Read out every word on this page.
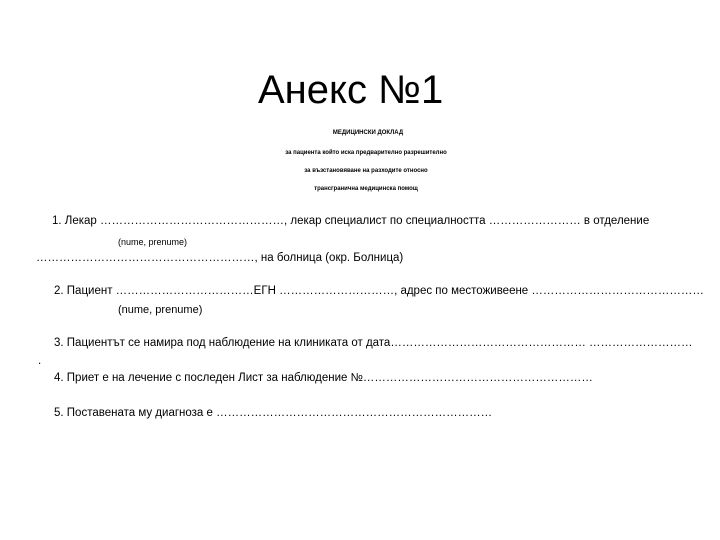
Анекс №1
МЕДИЦИНСКИ ДОКЛАД
за пациента който иска предварително разрешително
за възстановяване на разходите относно
трансгранична медицинска помощ
1. Лекар …………………………………………, лекар специалист по специалността …………………… в отделение
(nume, prenume)
…………………………………………………, на болница (окр. Болница)
2. Пациент ………………………………ЕГН …………………………, адрес по местоживеене ………………………………………
(nume, prenume)
3. Пациентът се намира под наблюдение на клиниката от дата…………………………………………… ………………………
.
4. Приет е на лечение с последен Лист за наблюдение №……………………………………………………
5. Поставената му диагноза е ………………………………………………………………
